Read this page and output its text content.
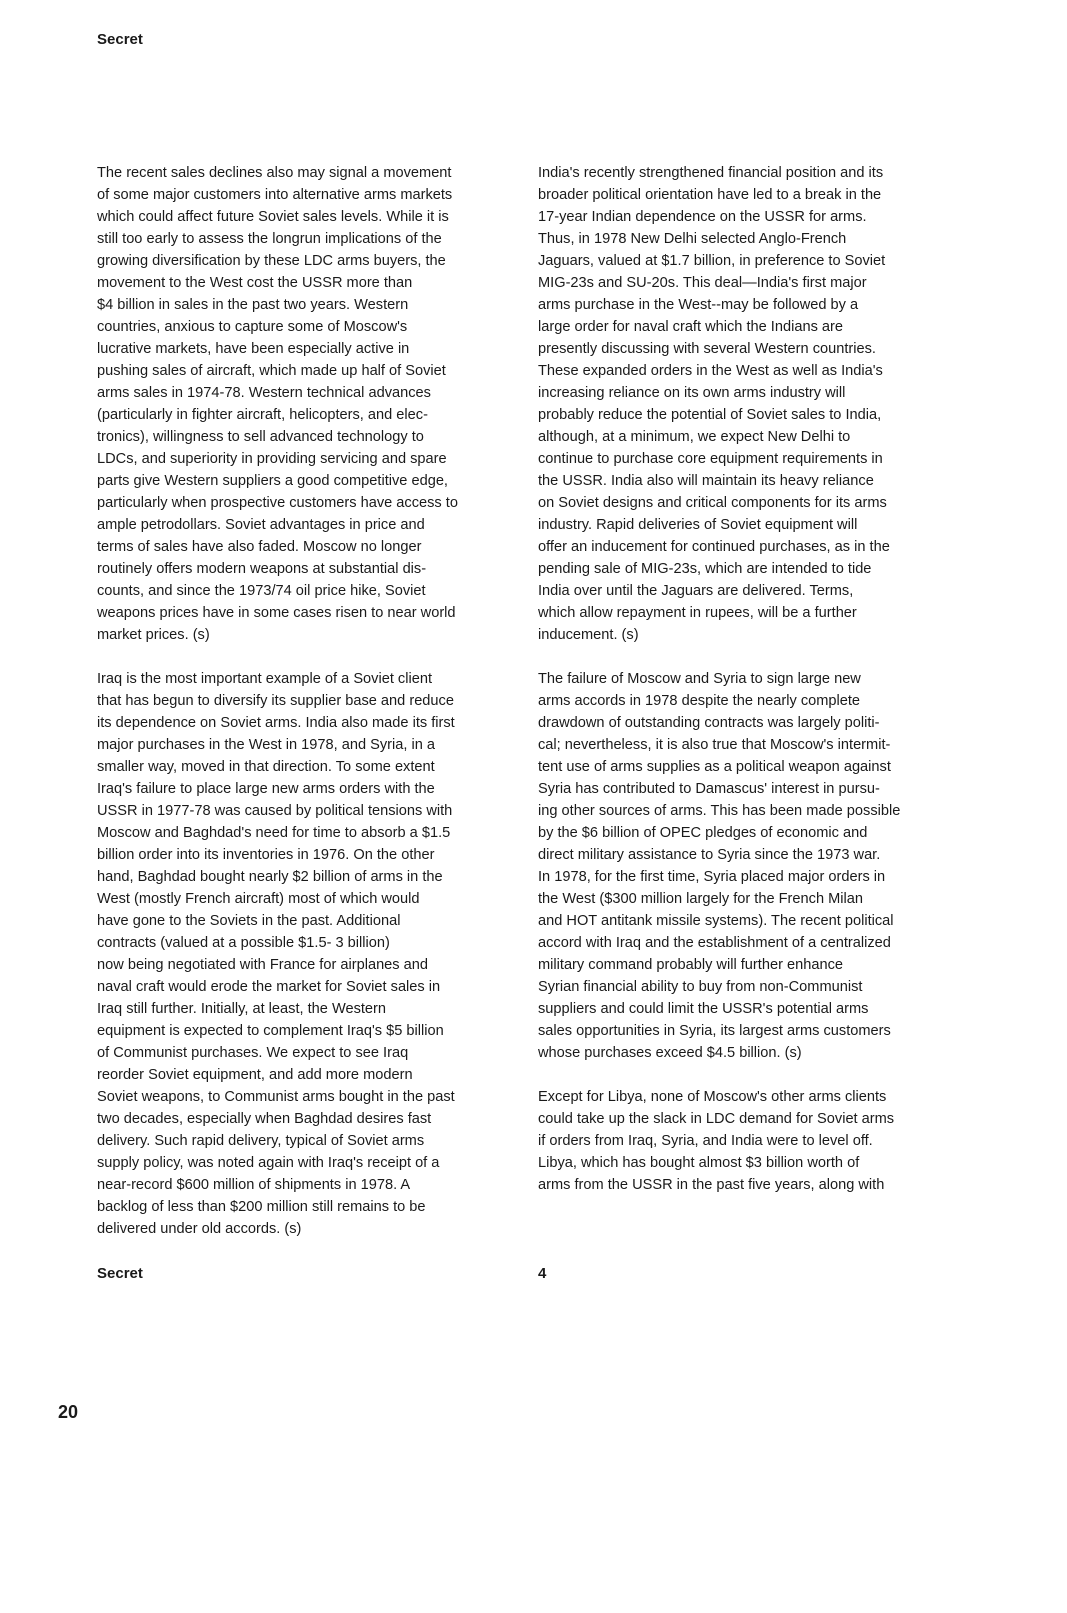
Secret

The recent sales declines also may signal a movement
of some major customers into alternative arms markets
which could affect future Soviet sales levels. While it is
still too early to assess the longrun implications of the
growing diversification by these LDC arms buyers, the
movement to the West cost the USSR more than
$4 billion in sales in the past two years. Western
countries, anxious to capture some of Moscow's
lucrative markets, have been especially active in
pushing sales of aircraft, which made up half of Soviet
arms sales in 1974-78. Western technical advances
(particularly in fighter aircraft, helicopters, and elec-
tronics), willingness to sell advanced technology to
LDCs, and superiority in providing servicing and spare
parts give Western suppliers a good competitive edge,
particularly when prospective customers have access to
ample petrodollars. Soviet advantages in price and
terms of sales have also faded. Moscow no longer
routinely offers modern weapons at substantial dis-
counts, and since the 1973/74 oil price hike, Soviet
weapons prices have in some cases risen to near world
market prices. (s)

Iraq is the most important example of a Soviet client
that has begun to diversify its supplier base and reduce
its dependence on Soviet arms. India also made its first
major purchases in the West in 1978, and Syria, in a
smaller way, moved in that direction. To some extent
Iraq's failure to place large new arms orders with the
USSR in 1977-78 was caused by political tensions with
Moscow and Baghdad's need for time to absorb a $1.5
billion order into its inventories in 1976. On the other
hand, Baghdad bought nearly $2 billion of arms in the
West (mostly French aircraft) most of which would
have gone to the Soviets in the past. Additional
contracts (valued at a possible $1.5- 3 billion)
now being negotiated with France for airplanes and
naval craft would erode the market for Soviet sales in
Iraq still further. Initially, at least, the Western
equipment is expected to complement Iraq's $5 billion
of Communist purchases. We expect to see Iraq
reorder Soviet equipment, and add more modern
Soviet weapons, to Communist arms bought in the past
two decades, especially when Baghdad desires fast
delivery. Such rapid delivery, typical of Soviet arms
supply policy, was noted again with Iraq's receipt of a
near-record $600 million of shipments in 1978. A
backlog of less than $200 million still remains to be
delivered under old accords. (s)

India's recently strengthened financial position and its
broader political orientation have led to a break in the
17-year Indian dependence on the USSR for arms.
Thus, in 1978 New Delhi selected Anglo-French
Jaguars, valued at $1.7 billion, in preference to Soviet
MIG-23s and SU-20s. This deal—India's first major
arms purchase in the West--may be followed by a
large order for naval craft which the Indians are
presently discussing with several Western countries.
These expanded orders in the West as well as India's
increasing reliance on its own arms industry will
probably reduce the potential of Soviet sales to India,
although, at a minimum, we expect New Delhi to
continue to purchase core equipment requirements in
the USSR. India also will maintain its heavy reliance
on Soviet designs and critical components for its arms
industry. Rapid deliveries of Soviet equipment will
offer an inducement for continued purchases, as in the
pending sale of MIG-23s, which are intended to tide
India over until the Jaguars are delivered. Terms,
which allow repayment in rupees, will be a further
inducement. (s)

The failure of Moscow and Syria to sign large new
arms accords in 1978 despite the nearly complete
drawdown of outstanding contracts was largely politi-
cal; nevertheless, it is also true that Moscow's intermit-
tent use of arms supplies as a political weapon against
Syria has contributed to Damascus' interest in pursu-
ing other sources of arms. This has been made possible
by the $6 billion of OPEC pledges of economic and
direct military assistance to Syria since the 1973 war.
In 1978, for the first time, Syria placed major orders in
the West ($300 million largely for the French Milan
and HOT antitank missile systems). The recent political
accord with Iraq and the establishment of a centralized
military command probably will further enhance
Syrian financial ability to buy from non-Communist
suppliers and could limit the USSR's potential arms
sales opportunities in Syria, its largest arms customers
whose purchases exceed $4.5 billion. (s)

Except for Libya, none of Moscow's other arms clients
could take up the slack in LDC demand for Soviet arms
if orders from Iraq, Syria, and India were to level off.
Libya, which has bought almost $3 billion worth of
arms from the USSR in the past five years, along with

Secret	4
20
